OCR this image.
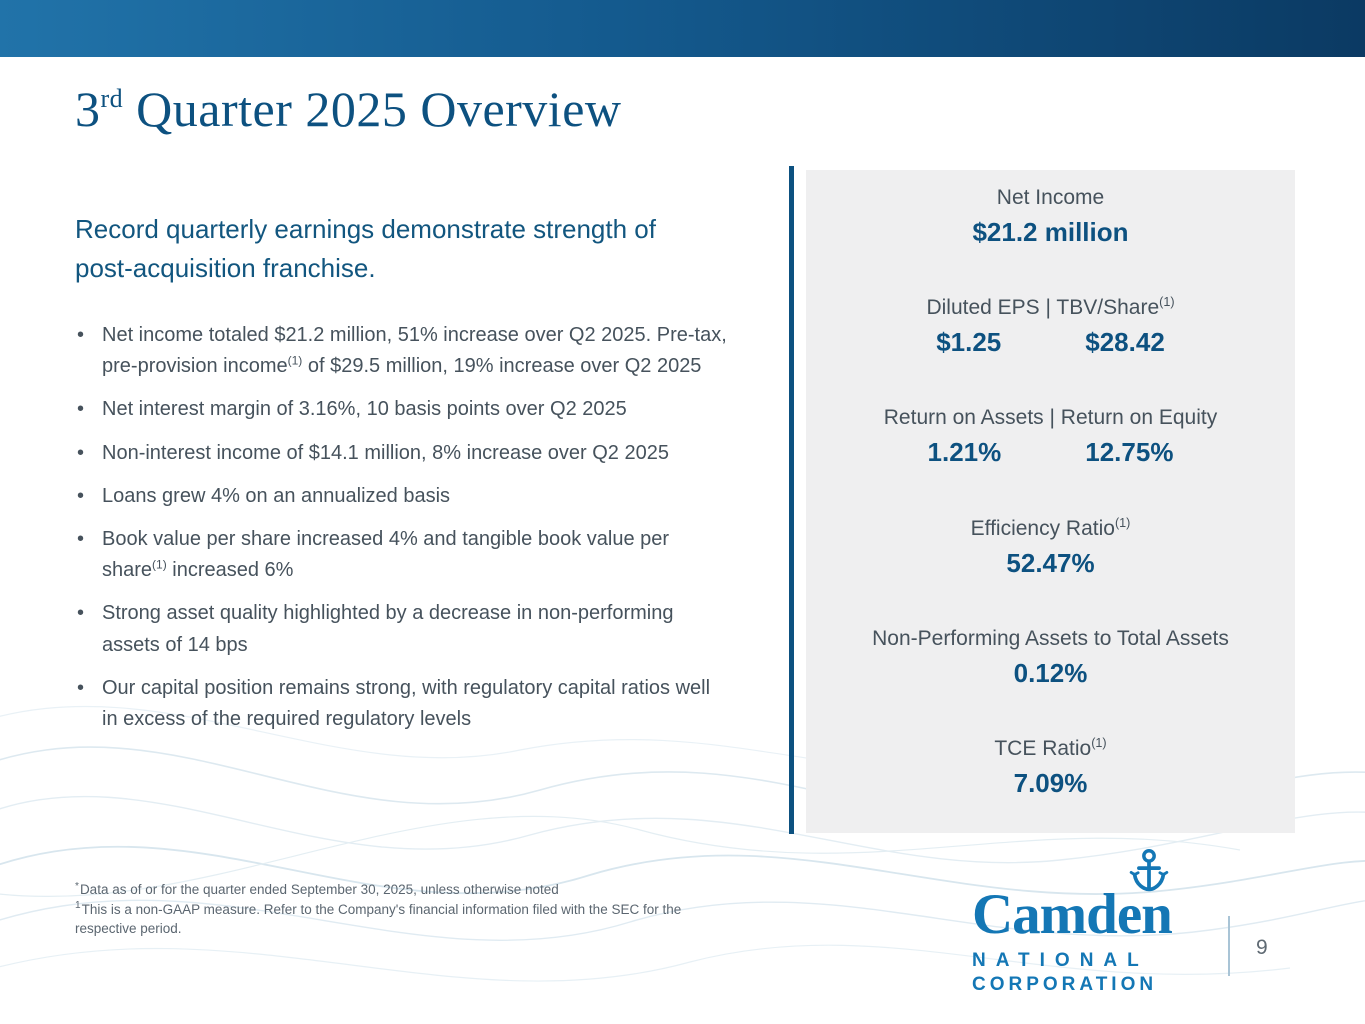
3rd Quarter 2025 Overview

Record quarterly earnings demonstrate strength of post-acquisition franchise.

• Net income totaled $21.2 million, 51% increase over Q2 2025. Pre-tax, pre-provision income$^{(1)}$ of $29.5 million, 19% increase over Q2 2025
• Net interest margin of 3.16%, 10 basis points over Q2 2025
• Non-interest income of $14.1 million, 8% increase over Q2 2025
• Loans grew 4% on an annualized basis
• Book value per share increased 4% and tangible book value per share$^{(1)}$ increased 6%
• Strong asset quality highlighted by a decrease in non-performing assets of 14 bps
• Our capital position remains strong, with regulatory capital ratios well in excess of the required regulatory levels

*Data as of or for the quarter ended September 30, 2025, unless otherwise noted

$^1$This is a non-GAAP measure. Refer to the Company's financial information filed with the SEC for the respective period.

Net Income
$21.2 million
Diluted EPS | TBV/Share$^{(1)}$
$1.25	$28.42
Return on Assets | Return on Equity
1.21%	12.75%
Efficiency Ratio$^{(1)}$
52.47%
Non-Performing Assets to Total Assets
0.12%
TCE Ratio$^{(1)}$
7.09%
Camden
NATIONAL
CORPORATION
9
